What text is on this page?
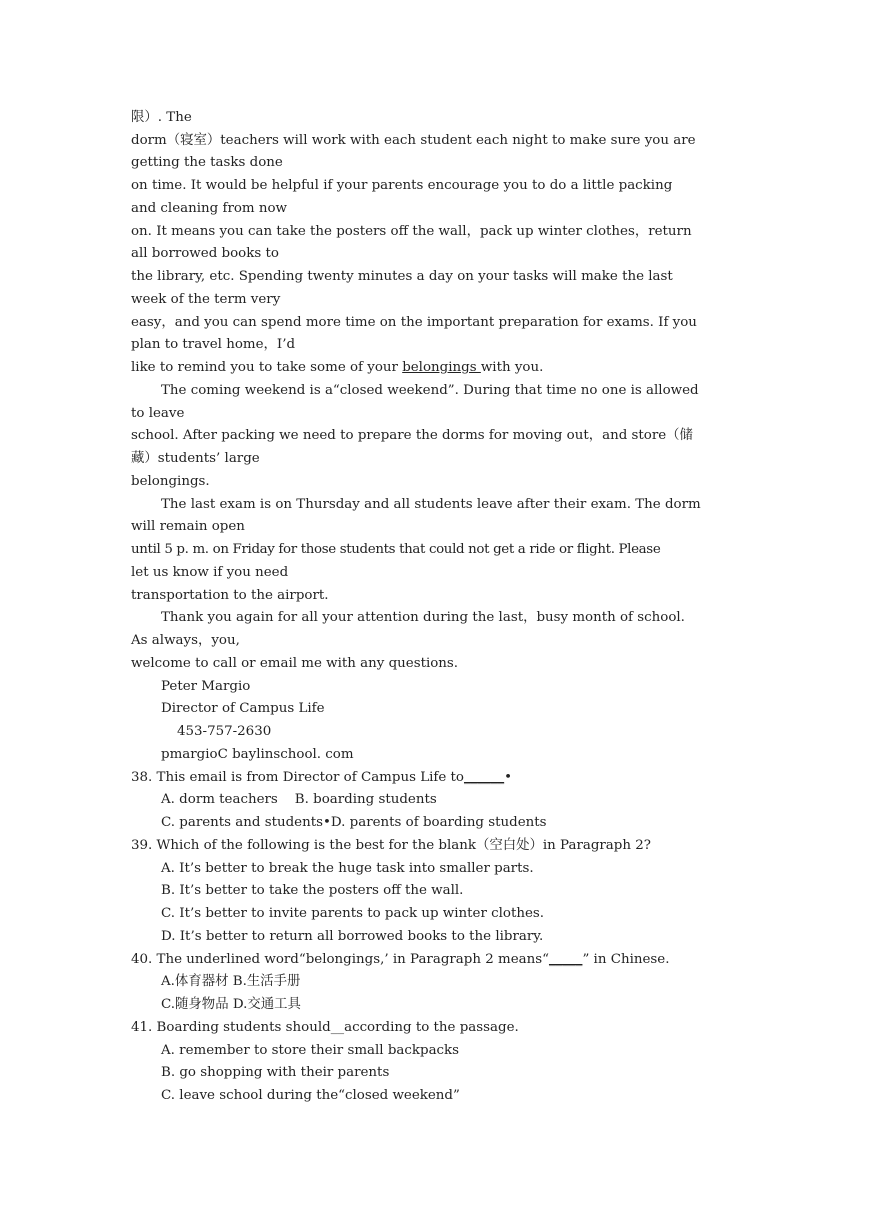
限）. The
dorm（寝室）teachers will work with each student each night to make sure you are
getting the tasks done
on time. It would be helpful if your parents encourage you to do a little packing
and cleaning from now
on. It means you can take the posters off the wall，pack up winter clothes，return
all borrowed books to
the library, etc. Spending twenty minutes a day on your tasks will make the last
week of the term very
easy，and you can spend more time on the important preparation for exams. If you
plan to travel home，I’d
like to remind you to take some of your belongings with you.
The coming weekend is a“closed weekend”. During that time no one is allowed
to leave
school. After packing we need to prepare the dorms for moving out，and store（储
藏）students’ large
belongings.
The last exam is on Thursday and all students leave after their exam. The dorm
will remain open
until 5 p. m. on Friday for those students that could not get a ride or flight. Please
let us know if you need
transportation to the airport.
Thank you again for all your attention during the last，busy month of school.
As always，you,
welcome to call or email me with any questions.
Peter Margio
Director of Campus Life
453-757-2630
pmargioC baylinschool. com
38. This email is from Director of Campus Life to______•
A. dorm teachers    B. boarding students
C. parents and students•D. parents of boarding students
39. Which of the following is the best for the blank（空白处）in Paragraph 2?
A. It’s better to break the huge task into smaller parts.
B. It’s better to take the posters off the wall.
C. It’s better to invite parents to pack up winter clothes.
D. It’s better to return all borrowed books to the library.
40. The underlined word“belongings,’ in Paragraph 2 means“_____” in Chinese.
A.体育器材 B.生活手册
C.随身物品 D.交通工具
41. Boarding students should__according to the passage.
A. remember to store their small backpacks
B. go shopping with their parents
C. leave school during the“closed weekend”
